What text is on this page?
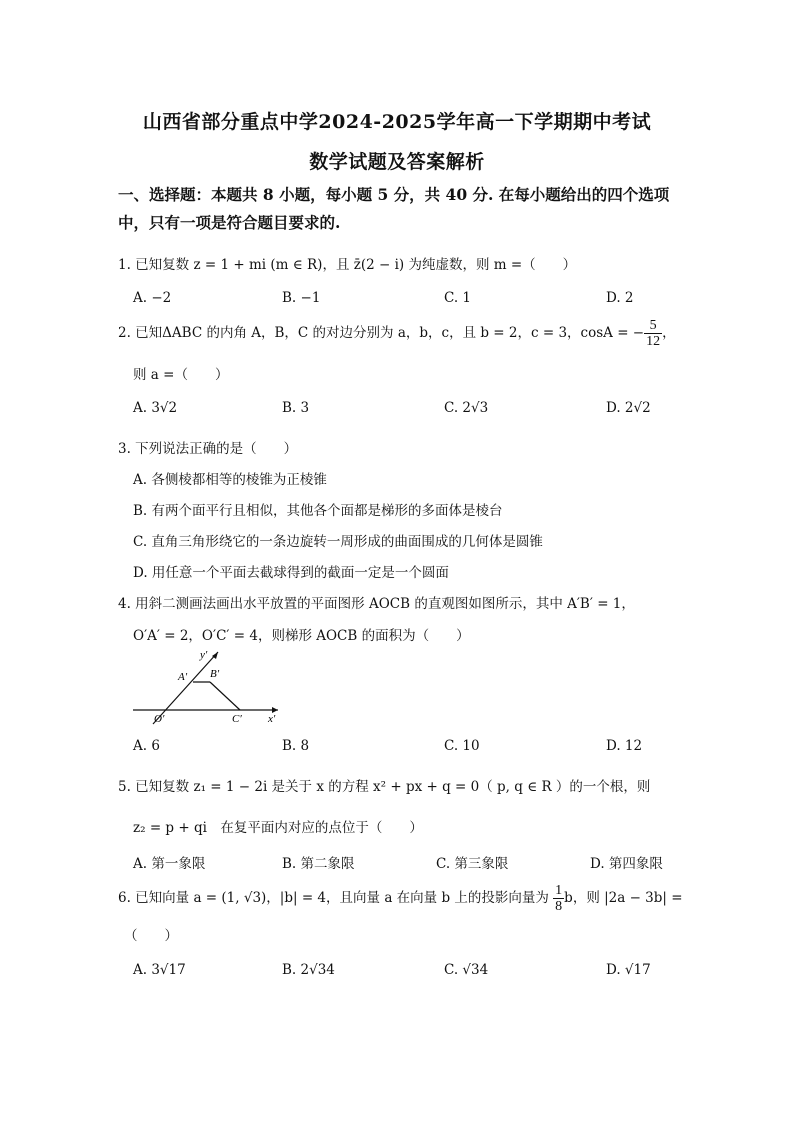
山西省部分重点中学2024-2025学年高一下学期期中考试
数学试题及答案解析
一、选择题：本题共 8 小题，每小题 5 分，共 40 分. 在每小题给出的四个选项
中，只有一项是符合题目要求的.
1. 已知复数 z = 1 + mi (m ∈ R)，且 z̄(2 − i) 为纯虚数，则 m =（　　）
A. −2	B. −1	C. 1	D. 2
2. 已知ΔABC 的内角 A，B，C 的对边分别为 a，b，c，且 b = 2，c = 3，cosA = − $\frac{5}{12}$ ，
则 a =（　　）
A. 3√2	B. 3	C. 2√3	D. 2√2
3. 下列说法正确的是（　　）
A. 各侧棱都相等的棱锥为正棱锥
B. 有两个面平行且相似，其他各个面都是梯形的多面体是棱台
C. 直角三角形绕它的一条边旋转一周形成的曲面围成的几何体是圆锥
D. 用任意一个平面去截球得到的截面一定是一个圆面
4. 用斜二测画法画出水平放置的平面图形 AOCB 的直观图如图所示，其中 A′B′ = 1，
O′A′ = 2，O′C′ = 4，则梯形 AOCB 的面积为（　　）
y′
A′ B′
O′	C′ x′
A. 6	B. 8	C. 10	D. 12
5. 已知复数 z₁ = 1 − 2i 是关于 x 的方程 x² + px + q = 0（ p, q ∈ R ）的一个根，则
z₂ = p + qi　在复平面内对应的点位于（　　）
A. 第一象限	B. 第二象限	C. 第三象限	D. 第四象限
6. 已知向量 a = (1, √3)，|b| = 4，且向量 a 在向量 b 上的投影向量为 $\frac{1}{8}$ b，则 |2a − 3b| =
（　　）
A. 3√17	B. 2√34	C. √34	D. √17
